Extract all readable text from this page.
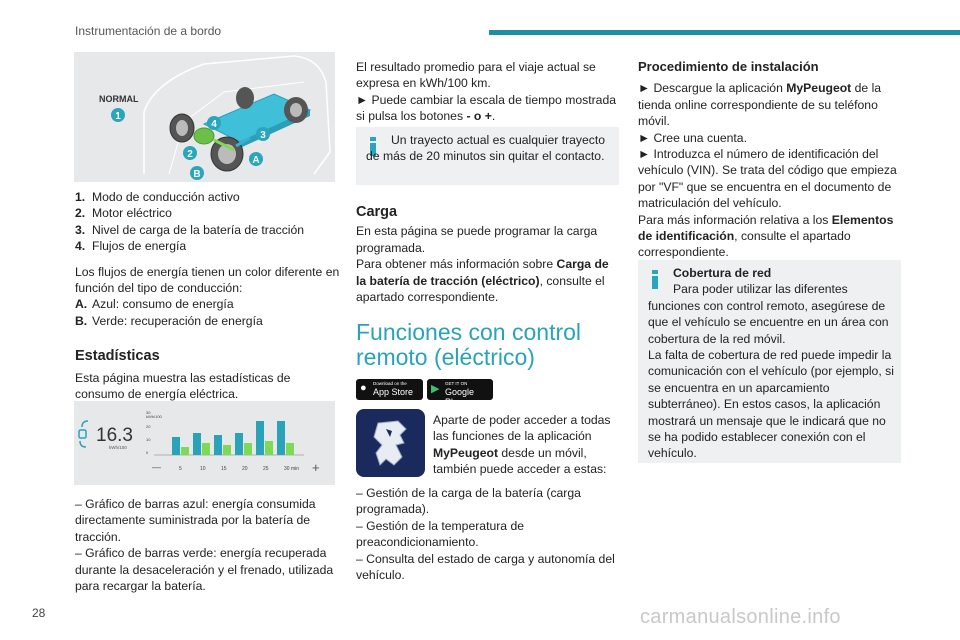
Instrumentación de a bordo
1
2
3
4
A
B
NORMAL

1. Modo de conducción activo

2. Motor eléctrico

3. Nivel de carga de la batería de tracción

4. Flujos de energía

Los flujos de energía tienen un color diferente en función del tipo de conducción:

A. Azul: consumo de energía

B. Verde: recuperación de energía

Estadísticas

Esta página muestra las estadísticas de consumo de energía eléctrica.

16.3
kWh/100
kWh/100
30
20
10
0
—	5	10	15	20	25	30 min +

– Gráfico de barras azul: energía consumida directamente suministrada por la batería de tracción.

– Gráfico de barras verde: energía recuperada durante la desaceleración y el frenado, utilizada para recargar la batería.

El resultado promedio para el viaje actual se expresa en kWh/100 km.

► Puede cambiar la escala de tiempo mostrada si pulsa los botones - o +.

Un trayecto actual es cualquier trayecto de más de 20 minutos sin quitar el contacto.
Carga

En esta página se puede programar la carga programada.

Para obtener más información sobre Carga de la batería de tracción (eléctrico), consulte el apartado correspondiente.

Funciones con control remoto (eléctrico)
● Download on the
App Store ▶ GET IT ON
Google Play
Aparte de poder acceder a todas las funciones de la aplicación MyPeugeot desde un móvil, también puede acceder a estas:

– Gestión de la carga de la batería (carga programada).

– Gestión de la temperatura de preacondicionamiento.

– Consulta del estado de carga y autonomía del vehículo.

Procedimiento de instalación

► Descargue la aplicación MyPeugeot de la tienda online correspondiente de su teléfono móvil.

► Cree una cuenta.

► Introduzca el número de identificación del vehículo (VIN). Se trata del código que empieza por "VF" que se encuentra en el documento de matriculación del vehículo.

Para más información relativa a los Elementos de identificación, consulte el apartado correspondiente.

Cobertura de red

Para poder utilizar las diferentes funciones con control remoto, asegúrese de que el vehículo se encuentre en un área con cobertura de la red móvil.

La falta de cobertura de red puede impedir la comunicación con el vehículo (por ejemplo, si se encuentra en un aparcamiento subterráneo). En estos casos, la aplicación mostrará un mensaje que le indicará que no se ha podido establecer conexión con el vehículo.

28	carmanualsonline.info
